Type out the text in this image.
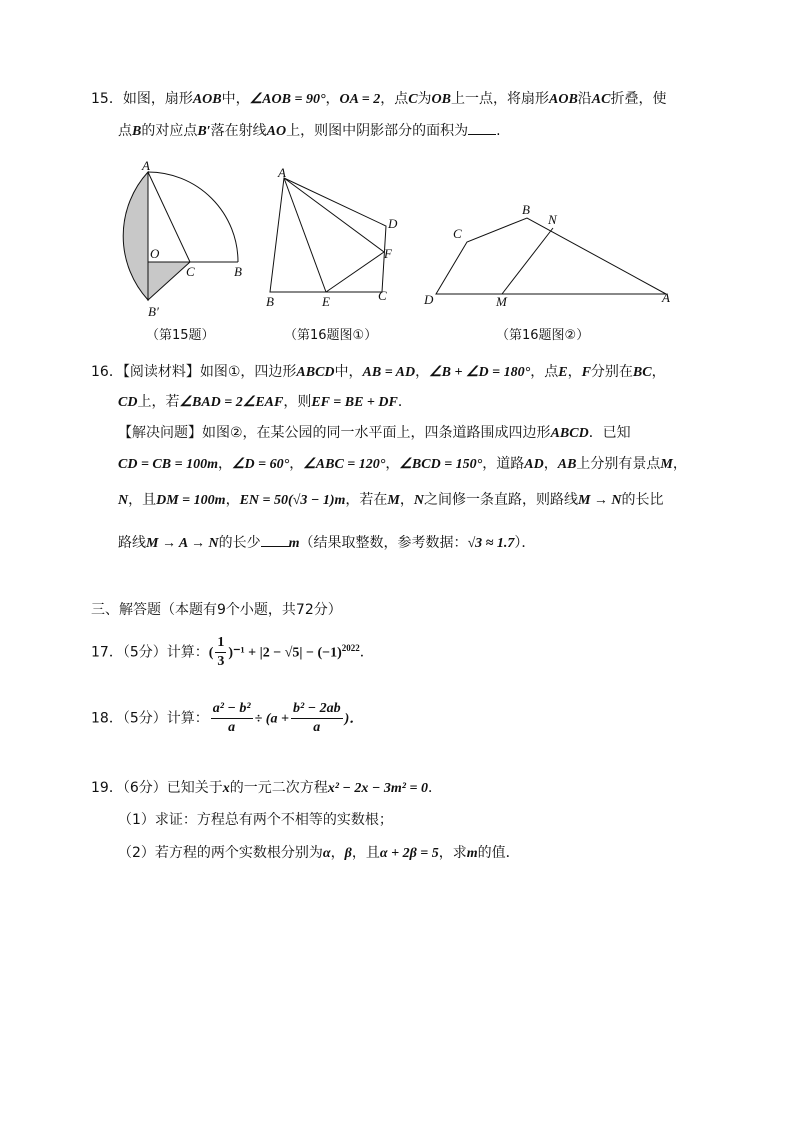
15．如图，扇形AOB中，∠AOB = 90°，OA = 2，点C为OB上一点，将扇形AOB沿AC折叠，使
点B的对应点B′落在射线AO上，则图中阴影部分的面积为 .
A
O
C	B
B′
（第15题）
A
D
F
B	E	C
（第16题图①）
C
B
N
D	M	A
（第16题图②）
16．【阅读材料】如图①，四边形ABCD中，AB = AD，∠B + ∠D = 180°，点E，F分别在BC，
CD上，若∠BAD = 2∠EAF，则EF = BE + DF．
【解决问题】如图②，在某公园的同一水平面上，四条道路围成四边形ABCD．已知
CD = CB = 100m，∠D = 60°，∠ABC = 120°，∠BCD = 150°，道路AD，AB上分别有景点M，
N，且DM = 100m，EN = 50(√3 − 1)m，若在M，N之间修一条直路，则路线M → N的长比
路线M → A → N的长少 m（结果取整数，参考数据：√3 ≈ 1.7）．
三、解答题（本题有9个小题，共72分）
17．（5分）计算：( $\frac{1}{3} )^{-1} + |2 - √5| - (-1)^{2022}$．
18．（5分）计算： $\frac{\text{a² − b²}}{a} \div (a + \frac{\text{b² − 2ab}}{a}$ )．
19．（6分）已知关于x的一元二次方程x² − 2x − 3m² = 0．
（1）求证：方程总有两个不相等的实数根；
（2）若方程的两个实数根分别为α，β，且α + 2β = 5，求m的值．
